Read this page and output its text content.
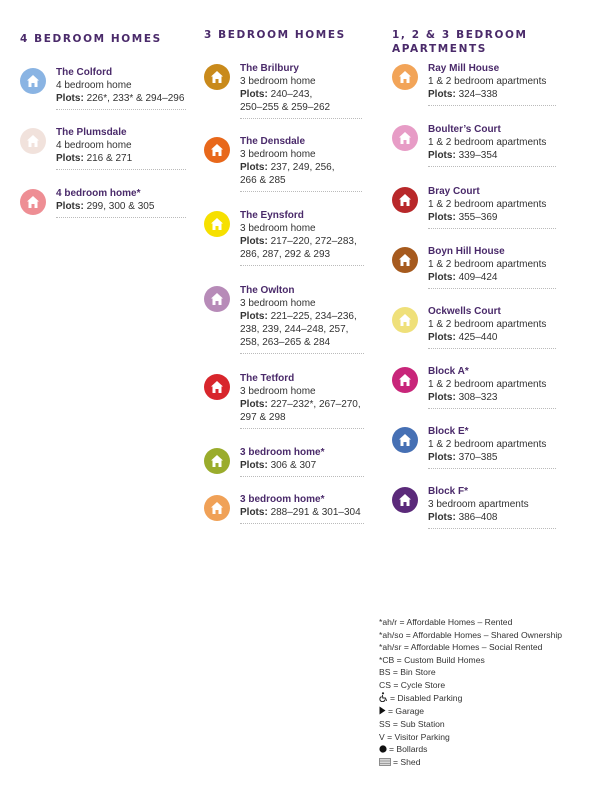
4 BEDROOM HOMES
The Colford
4 bedroom home
Plots: 226*, 233* & 294–296
The Plumsdale
4 bedroom home
Plots: 216 & 271
4 bedroom home*
Plots: 299, 300 & 305
3 BEDROOM HOMES
The Brilbury
3 bedroom home
Plots: 240–243,
250–255 & 259–262
The Densdale
3 bedroom home
Plots: 237, 249, 256,
266 & 285
The Eynsford
3 bedroom home
Plots: 217–220, 272–283,
286, 287, 292 & 293
The Owlton
3 bedroom home
Plots: 221–225, 234–236,
238, 239, 244–248, 257,
258, 263–265 & 284
The Tetford
3 bedroom home
Plots: 227–232*, 267–270,
297 & 298
3 bedroom home*
Plots: 306 & 307
3 bedroom home*
Plots: 288–291 & 301–304
1, 2 & 3 BEDROOM
APARTMENTS
Ray Mill House
1 & 2 bedroom apartments
Plots: 324–338
Boulter’s Court
1 & 2 bedroom apartments
Plots: 339–354
Bray Court
1 & 2 bedroom apartments
Plots: 355–369
Boyn Hill House
1 & 2 bedroom apartments
Plots: 409–424
Ockwells Court
1 & 2 bedroom apartments
Plots: 425–440
Block A*
1 & 2 bedroom apartments
Plots: 308–323
Block E*
1 & 2 bedroom apartments
Plots: 370–385
Block F*
3 bedroom apartments
Plots: 386–408
*ah/r = Affordable Homes – Rented
*ah/so = Affordable Homes – Shared Ownership
*ah/sr = Affordable Homes – Social Rented
*CB = Custom Build Homes
BS = Bin Store
CS = Cycle Store
= Disabled Parking
= Garage
SS = Sub Station
V = Visitor Parking
= Bollards
= Shed
